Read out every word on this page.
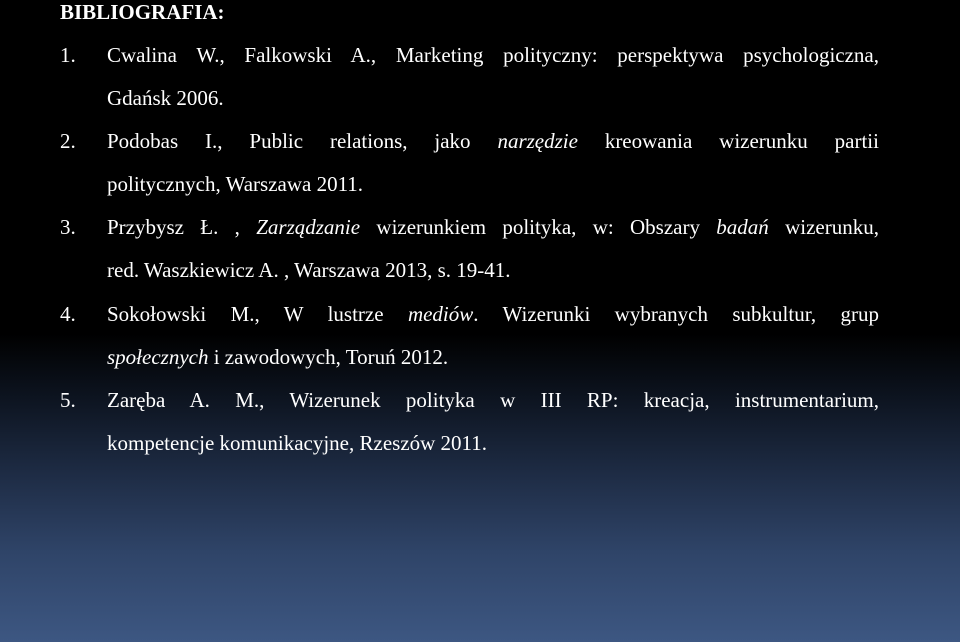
BIBLIOGRAFIA:
1. Cwalina W., Falkowski A., Marketing polityczny: perspektywa psychologiczna,
Gdańsk 2006.
2. Podobas I., Public relations, jako narzędzie kreowania wizerunku partii
politycznych, Warszawa 2011.
3. Przybysz Ł. , Zarządzanie wizerunkiem polityka, w: Obszary badań wizerunku,
red. Waszkiewicz A. , Warszawa 2013, s. 19-41.
4. Sokołowski M., W lustrze mediów. Wizerunki wybranych subkultur, grup
społecznych i zawodowych, Toruń 2012.
5. Zaręba A. M., Wizerunek polityka w III RP: kreacja, instrumentarium,
kompetencje komunikacyjne, Rzeszów 2011.
